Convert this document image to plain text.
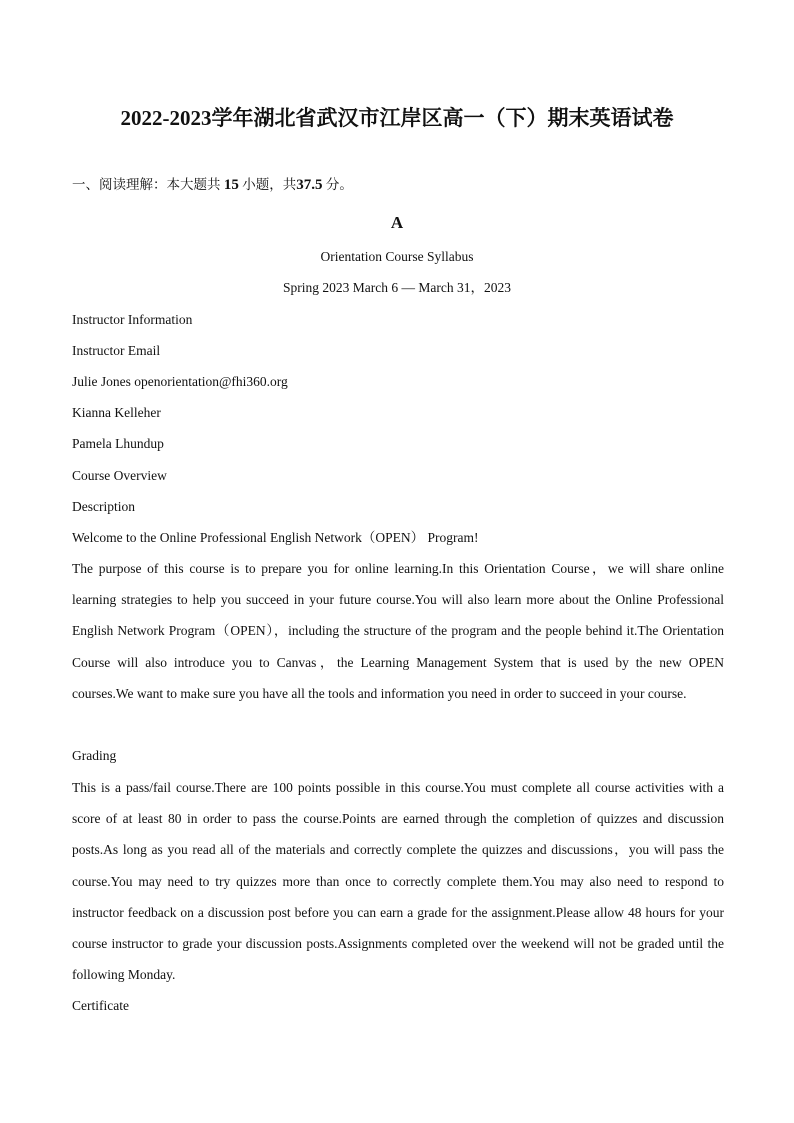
2022-2023学年湖北省武汉市江岸区高一（下）期末英语试卷
一、阅读理解：本大题共 15 小题，共37.5 分。
A
Orientation Course Syllabus
Spring 2023 March 6 — March 31，2023
Instructor Information
Instructor Email
Julie Jones openorientation@fhi360.org
Kianna Kelleher
Pamela Lhundup
Course Overview
Description
Welcome to the Online Professional English Network（OPEN） Program!
The purpose of this course is to prepare you for online learning.In this Orientation Course，we will share online learning strategies to help you succeed in your future course.You will also learn more about the Online Professional English Network Program（OPEN），including the structure of the program and the people behind it.The Orientation Course will also introduce you to Canvas，the Learning Management System that is used by the new OPEN courses.We want to make sure you have all the tools and information you need in order to succeed in your course.
Grading
This is a pass/fail course.There are 100 points possible in this course.You must complete all course activities with a score of at least 80 in order to pass the course.Points are earned through the completion of quizzes and discussion posts.As long as you read all of the materials and correctly complete the quizzes and discussions，you will pass the course.You may need to try quizzes more than once to correctly complete them.You may also need to respond to instructor feedback on a discussion post before you can earn a grade for the assignment.Please allow 48 hours for your course instructor to grade your discussion posts.Assignments completed over the weekend will not be graded until the following Monday.
Certificate
